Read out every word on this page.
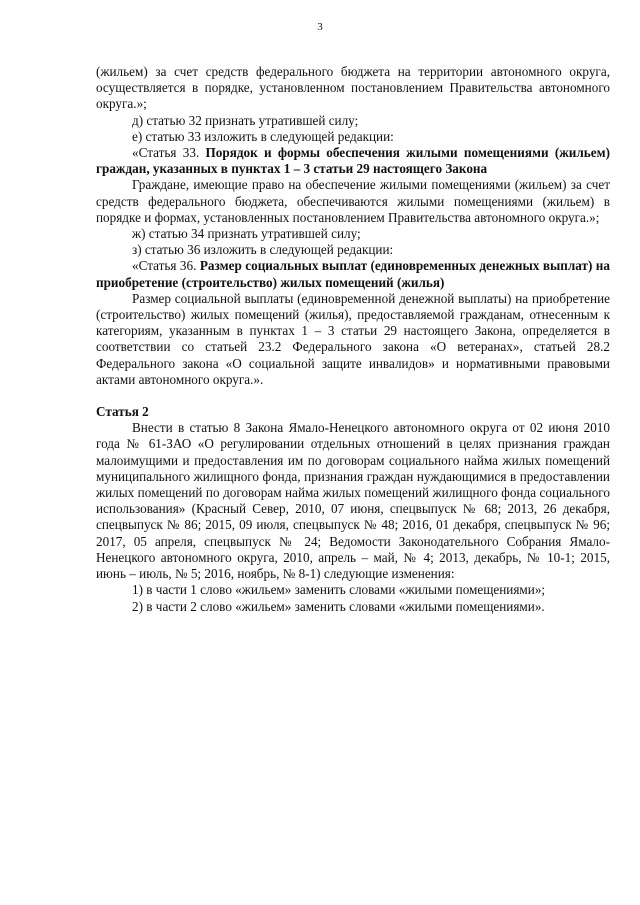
3

(жильем) за счет средств федерального бюджета на территории автономного округа, осуществляется в порядке, установленном постановлением Правительства автономного округа.»;

д) статью 32 признать утратившей силу;

е) статью 33 изложить в следующей редакции:

«Статья 33. Порядок и формы обеспечения жилыми помещениями (жильем) граждан, указанных в пунктах 1 – 3 статьи 29 настоящего Закона

Граждане, имеющие право на обеспечение жилыми помещениями (жильем) за счет средств федерального бюджета, обеспечиваются жилыми помещениями (жильем) в порядке и формах, установленных постановлением Правительства автономного округа.»;

ж) статью 34 признать утратившей силу;

з) статью 36 изложить в следующей редакции:

«Статья 36. Размер социальных выплат (единовременных денежных выплат) на приобретение (строительство) жилых помещений (жилья)

Размер социальной выплаты (единовременной денежной выплаты) на приобретение (строительство) жилых помещений (жилья), предоставляемой гражданам, отнесенным к категориям, указанным в пунктах 1 – 3 статьи 29 настоящего Закона, определяется в соответствии со статьей 23.2 Федерального закона «О ветеранах», статьей 28.2 Федерального закона «О социальной защите инвалидов» и нормативными правовыми актами автономного округа.».

Статья 2

Внести в статью 8 Закона Ямало-Ненецкого автономного округа от 02 июня 2010 года № 61-ЗАО «О регулировании отдельных отношений в целях признания граждан малоимущими и предоставления им по договорам социального найма жилых помещений муниципального жилищного фонда, признания граждан нуждающимися в предоставлении жилых помещений по договорам найма жилых помещений жилищного фонда социального использования» (Красный Север, 2010, 07 июня, спецвыпуск № 68; 2013, 26 декабря, спецвыпуск № 86; 2015, 09 июля, спецвыпуск № 48; 2016, 01 декабря, спецвыпуск № 96; 2017, 05 апреля, спецвыпуск № 24; Ведомости Законодательного Собрания Ямало-Ненецкого автономного округа, 2010, апрель – май, № 4; 2013, декабрь, № 10-1; 2015, июнь – июль, № 5; 2016, ноябрь, № 8-1) следующие изменения:

1) в части 1 слово «жильем» заменить словами «жилыми помещениями»;

2) в части 2 слово «жильем» заменить словами «жилыми помещениями».
